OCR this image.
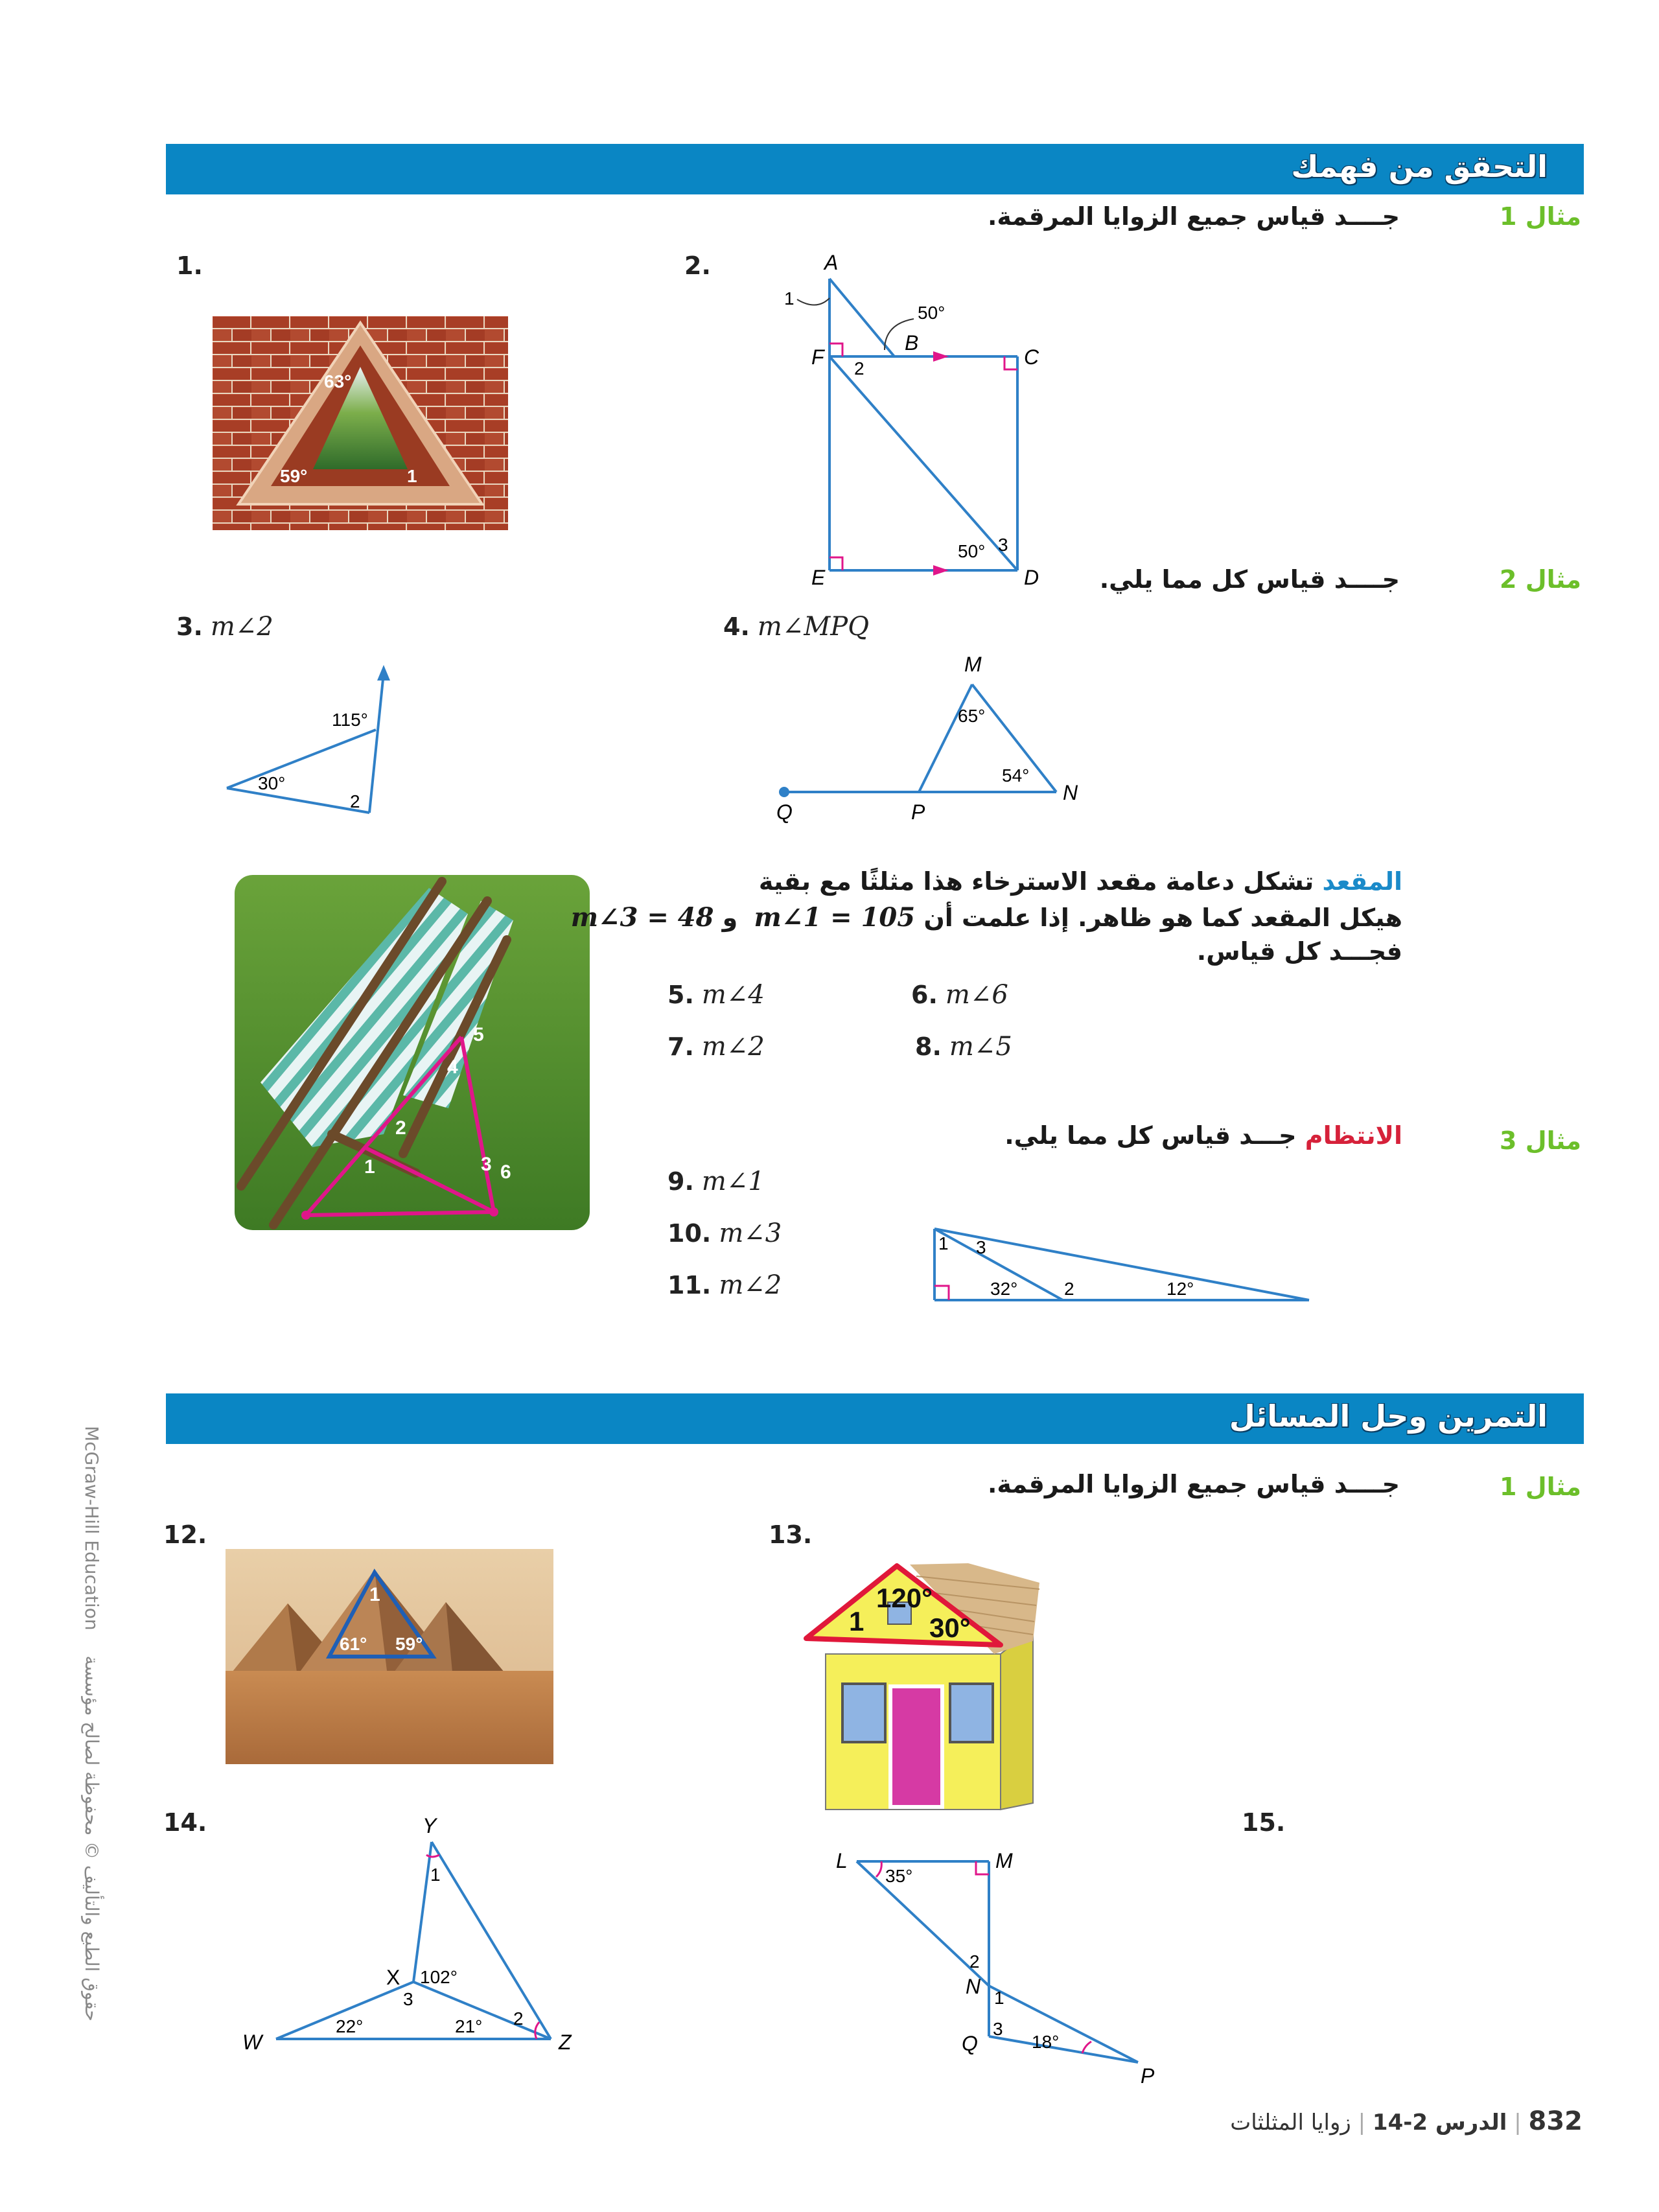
التحقق من فهمك
مثال 1
جــــد قياس جميع الزوايا المرقمة.
1.
63°
59°	1
2.	A
B
C
D
E
F
1
2
3
50°
50°
مثال 2
جــــد قياس كل مما يلي.
3. m∠2
115°
30°
2
4. m∠MPQ
M
N
P
Q
65°
54°
1
2
3
4
5
6
المقعد تشكل دعامة مقعد الاسترخاء هذا مثلثًا مع بقية
هيكل المقعد كما هو ظاهر. إذا علمت أن m∠1 = 105 و m∠3 = 48
فجـــد كل قياس.
5. m∠4	6. m∠6
7. m∠2	8. m∠5
مثال 3
الانتظام جـــد قياس كل مما يلي.
9. m∠1
10. m∠3
11. m∠2
1 3
32°	2	12°
التمرين وحل المسائل
مثال 1
جــــد قياس جميع الزوايا المرقمة.
12.
1
61° 59°
13.
120°
1 30°
14.	Y
X
W	Z
1
102°
3
2
22°	21°
15.
L	M
N
Q
P
35°
2
1
3
18°
McGraw-Hill Education حقوق الطبع والتأليف © محفوظة لصالح مؤسسة
832 | الدرس 2-14 | زوايا المثلثات
